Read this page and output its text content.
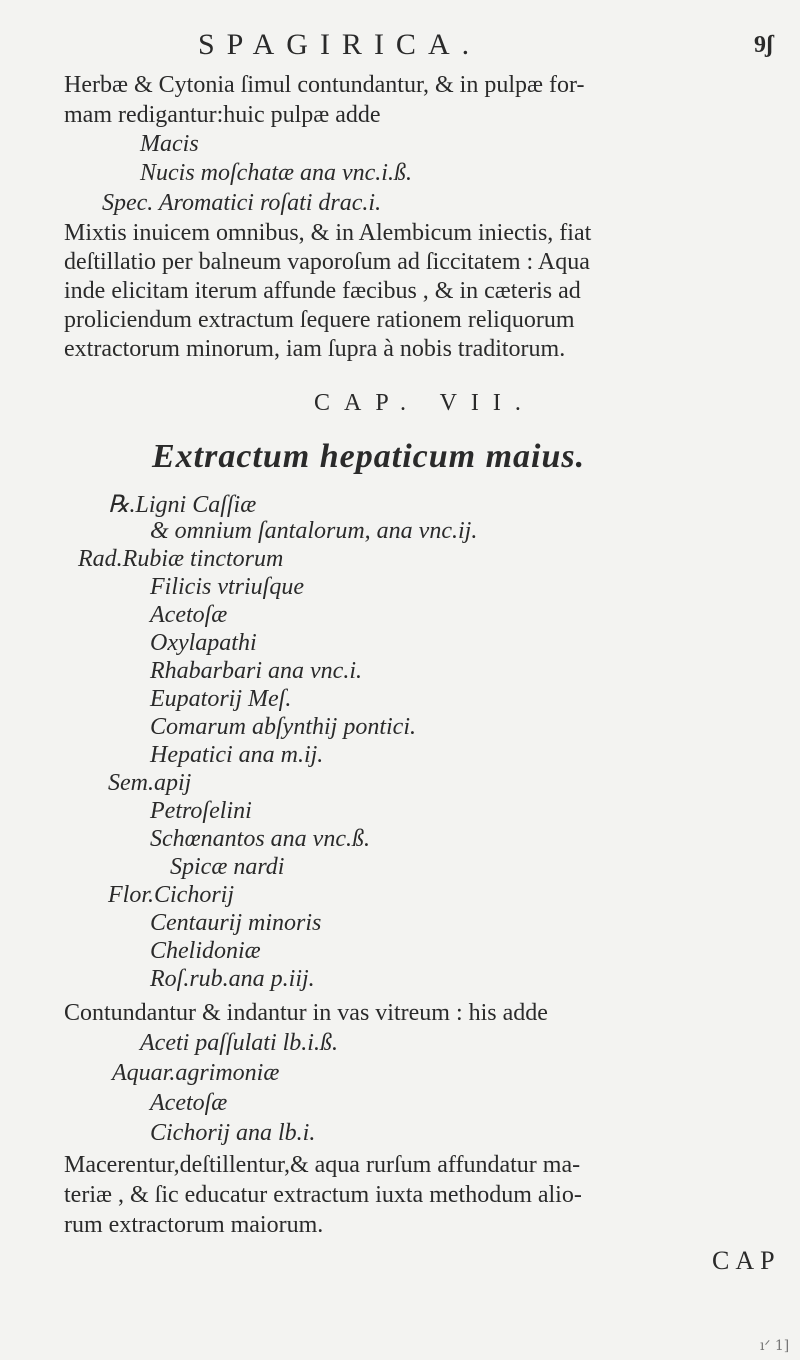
SPAGIRICA.	9ʃ
Herbæ & Cytonia ſimul contundantur, & in pulpæ for-
mam redigantur:huic pulpæ adde
Macis
Nucis moſchatæ ana vnc.i.ß.
Spec. Aromatici roſati drac.i.
Mixtis inuicem omnibus, & in Alembicum iniectis, fiat
deſtillatio per balneum vaporoſum ad ſiccitatem : Aqua
inde elicitam iterum affunde fæcibus , & in cæteris ad
proliciendum extractum ſequere rationem reliquorum
extractorum minorum, iam ſupra à nobis traditorum.
CAP. VII.
Extractum hepaticum maius.
℞.Ligni Caſſiæ
& omnium ſantalorum, ana vnc.ij.
Rad.Rubiæ tinctorum
Filicis vtriuſque
Acetoſæ
Oxylapathi
Rhabarbari ana vnc.i.
Eupatorij Meſ.
Comarum abſynthij pontici.
Hepatici ana m.ij.
Sem.apij
Petroſelini
Schœnantos ana vnc.ß.
Spicæ nardi
Flor.Cichorij
Centaurij minoris
Chelidoniæ
Roſ.rub.ana p.iij.
Contundantur & indantur in vas vitreum : his adde
Aceti paſſulati lb.i.ß.
Aquar.agrimoniæ
Acetoſæ
Cichorij ana lb.i.
Macerentur,deſtillentur,& aqua rurſum affundatur ma-
teriæ , & ſic educatur extractum iuxta methodum alio-
rum extractorum maiorum.
CAP
ıᐟ 1]
